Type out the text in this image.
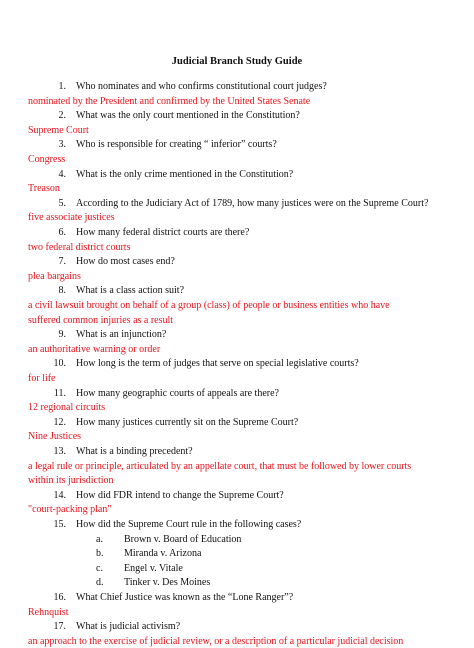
Judicial Branch Study Guide
1. Who nominates and who confirms constitutional court judges?
nominated by the President and confirmed by the United States Senate
2. What was the only court mentioned in the Constitution?
Supreme Court
3. Who is responsible for creating “ inferior” courts?
Congress
4. What is the only crime mentioned in the Constitution?
Treason
5. According to the Judiciary Act of 1789, how many justices were on the Supreme Court?
five associate justices
6. How many federal district courts are there?
two federal district courts
7. How do most cases end?
plea bargains
8. What is a class action suit?
a civil lawsuit brought on behalf of a group (class) of people or business entities who have
suffered common injuries as a result
9. What is an injunction?
an authoritative warning or order
10. How long is the term of judges that serve on special legislative courts?
for life
11. How many geographic courts of appeals are there?
12 regional circuits
12. How many justices currently sit on the Supreme Court?
Nine Justices
13. What is a binding precedent?
a legal rule or principle, articulated by an appellate court, that must be followed by lower courts
within its jurisdiction
14. How did FDR intend to change the Supreme Court?
"court-packing plan"
15. How did the Supreme Court rule in the following cases?
a. Brown v. Board of Education
b. Miranda v. Arizona
c. Engel v. Vitale
d. Tinker v. Des Moines
16. What Chief Justice was known as the “Lone Ranger”?
Rehnquist
17. What is judicial activism?
an approach to the exercise of judicial review, or a description of a particular judicial decision
